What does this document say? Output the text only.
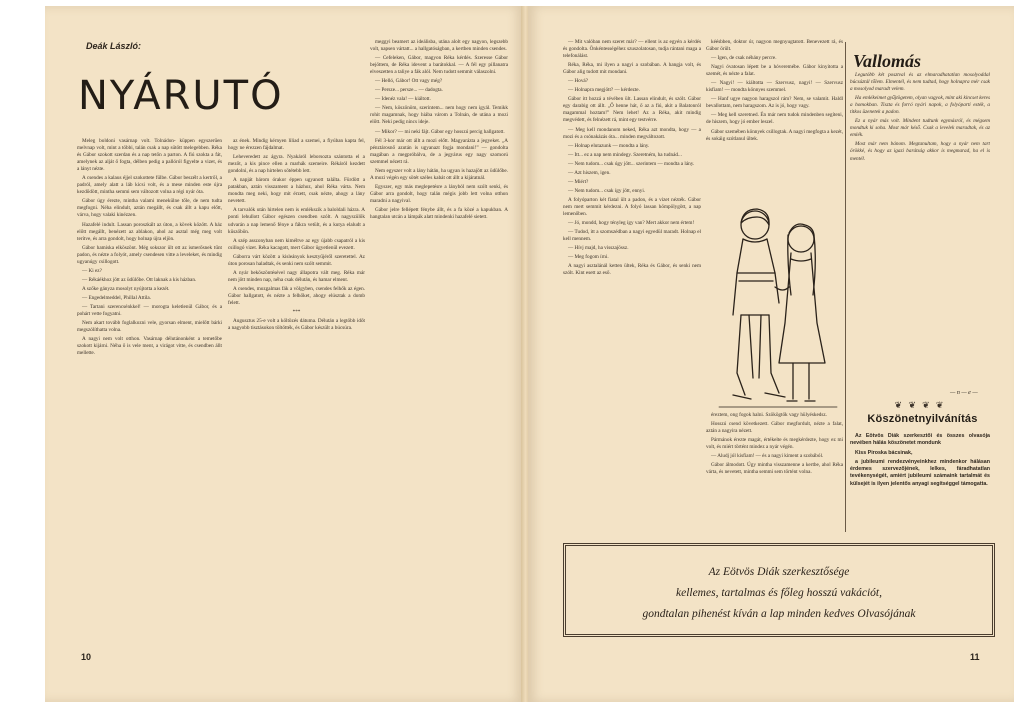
Deák László:
NYÁRUTÓ

Meleg boldoni vasárnap volt. Tolnádon- küppen egyszerűen melvnap volt, mint a többi, talán csak a nap sütött melegebben. Réka és Gábor szokott szerdan és a nap tetőn a parton. A fiú szokta a fát, amelynek az alját ő fogta, délben pedig a pallóról figyelte a vizet, és a lányt nézte.

A csendes a kalaus éjjel szokottete fülbe. Gábor beszélt a kertről, a padról, amely alatt a láb kicsi volt, és a mese minden este újra kezdődött, mintha semmi sem változott volna a régi nyár óta.

Gábor úgy érezte, mintha valami menekülne tőle, de nem tudta megfogni. Néha elindult, aztán megállt, és csak állt a kapu előtt, várva, hogy valaki kinézzen.

Hazafelé indult. Lassan poroszkált az úton, a kövek között. A ház előtt megállt, benézett az ablakon, ahol az asztal még meg volt terítve, és arra gondolt, hogy holnap újra eljön.

Gábor hamiska elköszönt. Még sokszor ült ott az ismerősnek tűnt padon, és nézte a folyót, amely csendesen vitte a leveleket, és mindig ugyanúgy csillogott.

— Ki ez?

— Rékáékhoz jött az üdülőbe. Ott laknak a kis házban.

A szőke gányza mosolyt nyújtotta a kezét.

— Engedelmeddel, Phillal Attila.

— Tartani szerencsénkkel! — morogta keletlenül Gábor, és a pohárt vette fogyatni.

Nem akart tovább foglalkozni vele, gyorsan elment, mielőtt bárki megszólíthatta volna.

A nagyi nem volt otthon. Vasárnap délutánonként a temetőbe szokott kijárni. Néha ő is vele ment, a virágot vitte, és csendben állt mellette.

az ének. Mindig kérnyen liliad a szemei, a fiyúban kapta fel, hogy ne érezzen fájdalmat.

Leheveredett az ágyra. Nyakáról leborsozta szántotta el a mezőt, a kis pince ellen a marhák szemeire. Rékáról kezdett gondolni, és a nap hirtelen sötétebb lett.

A napját bárom órakor éppen ugyanott találta. Fürdött a patakban, aztán visszament a házhoz, ahol Réka várta. Nem mondta meg neki, hogy mit érzett, csak nézte, ahogy a lány nevetett.

A tarvalók után hirtelen nem is emlékszik a baloldali házra. A ponti lehullott Gábor egészen csendben szólt. A nagyszülők udvarán a nap lemenő fénye a fákra vetült, és a kutya elaludt a küszöbön.

A szép asszonyban nem kiméltve az egy újabb csapatról a kis csillogó vizet. Réka kacagott, mert Gábor ügyetlenül evezett.

Gáborra várt között a kisleányok kesztyűjéről szeretettel. Az úton porosan haladtak, és senki nem szólt semmit.

A nyár beköszöntésével nagy állapotra vált meg. Réka már nem jött minden nap, néha csak délután, és hamar elment.

A csendes, mozgalmas fák a völgyben, csendes felhők az égen. Gábor hallgatott, és nézte a felhőket, ahogy elúsztak a domb felett.

***

Augusztus 25-e volt a költözés dátuma. Délután a legtöbb időt a nagyobb tisztásokon töltötték, és Gábor készült a búcsúra.

meggyi beamert az ideálisba, utána alolt egy nagyon, legszebb volt, napsen vártatt... a hallgatóságban, a kertben minden csendes.

— Cefeleken, Gábor, magyon Réka kérdés. Szeresse Gábor bejöttem, de Réka idevent a barátokkal. — A fél egy pillanatra elveszetten a taliye a fák alól. Nem tudott semmit válaszolni.

— Helló, Gábor! Ott vagy még?

— Persze... persze... — dadogta.

— Idenéz vala! — kiáltott.

— Nem, köszönöm, szerintem... nem hogy nem igyál. Temikk rohit magamnak, hogy hiába várom a Tolnán, de utána a mozi előtt. Neki pedig nincs ideje.

— Mikor? — mi neki fájt. Gábor egy hosszú percig hallgatott.

Fél 3-kor már ott állt a mozi előtt. Magyarázta a jegyeket. „A pénztárosnő azután is ugyanazt fogja mondani!” — gondolta magában a megpróbálva, de a jegyárus egy nagy szomorú szemmel nézett rá.

Nem egyszer volt a lány hátán, ha ugyan is hazajött az üdülőbe. A mozi végén egy sötét széles kabát ott állt a kijáratnál.

Egyszer, egy más meglepetésre a lányból nem szólt senki, és Gábor arra gondolt, hogy talán mégis jobb lett volna otthon maradni a nagyival.

Gábor jelre fellépett fénybe állt, és a fa közé a kapukban. A hangtalan utcán a lámpák alatt mindenki hazafelé sietett.

10

— Mit valóban nem szeret már? — ellent is az egyén a kérdés és gondolta. Önkéntességéhez szuszolatosan, tudja rántani maga a telefonálást.

Réka, Réka, mi ilyen a nagyi a szobában. A hangja volt, és Gábor alig tudott mit mondani.

— Hová?

— Holnapra megjött? — kérdezte.

Gábor itt hozzá a tévében ült. Lassan elindult, és szólt. Gábor egy darabig ott állt. „Ő henne hát, ő az a fiú, akit a Balatonról magammal hoztam!” Nem lehet! Az a Réka, akit mindig megvédett, és felnézett rá, mint egy testvérre.

— Meg kell mondanom neked, Réka azt mondta, hogy — a mozi és a csónakázás óta... minden megváltozott.

— Holnap elutazunk — mondta a lány.

— Itt... ez a nap nem mindegy. Szeretném, ha tudnád...

— Nem tudom... csak úgy jött... szerintem — mondta a lány.

— Azt hiszem, igen.

— Miért?

— Nem tudom... csak így jött, ennyi.

A folyóparton két fiatal ült a padon, és a vizet nézték. Gábor nem mert semmit kérdezni. A folyó lassan hömpölygött, a nap lemenőben.

— Jó, mondd, hogy tényleg így van? Mert akkor nem értem!

— Tudod, itt a szomszédban a nagyi egyedül maradt. Holnap el kell mennem.

— Hívj majd, ha visszajössz.

— Meg fogom írni.

A nagyi asztalánál ketten ültek, Réka és Gábor, és senki nem szólt. Kint esett az eső.

kéésbben, doktor úr, nagyon megnyugtatott. Benevezett rá, és Gábor örült.

— Igen, de csak néhány percre.

Nagyi óvatosan lépett be a hóveremébe. Gábor kinyitotta a szemét, és nézte a falat.

— Nagyi! — kiáltotta — Szervusz, nagyi! — Szervusz kisfiam! — mondta könnyes szemmel.

— Hanf ugye nagyon haragszol rám? Nem, se valamit. Haldl bevallottam, nem haragszom. Az is jó, hogy vagy.

— Meg kell szeretned. Én már nem tudok mindenben segíteni, de hiszem, hogy jó ember leszel.

Gábor szemében könnyek csillogtak. A nagyi megfogta a kezét, és sokáig szótlanul ültek.

éreztem, ong fogok halni. Szökögtök vagy hülyéskedsz.

Hosszú csend következett. Gábor megfordult, nézte a falat, aztán a nagyira nézett.

Pármánok érezte magát, értékelte és megkérdezte, hogy ez mi volt, és miért történt mindez a nyár végén.

— Aludj jól kisfiam! — és a nagyi kiment a szobából.

Gábor álmodott. Úgy mintha visszamenne a kertbe, ahol Réka várta, és nevetett, mintha semmi sem történt volna.

Vallomás

Legutóbb két posztval és az elmaradhatatlan mosolyoddal búcsúztál tőlem. Elmentél, és nem tudtad, hogy holnapra mér csak a mosolyod maradt velem.

Ha emlékeimet gyűjtögetem, olyan vagyok, mint aki kincset keres a homokban. Tiszta és forró nyári napok, a folyóparti esték, a titkos üzenetek a padon.

Ez a nyár más volt. Mindent tudtunk egymásról, és mégsem mondtuk ki soha. Most már késő. Csak a levelek maradtak, és az emlék.

Most már nem bánom. Megtanultam, hogy a nyár nem tart örökké, és hogy az igazi barátság akkor is megmarad, ha el is mentél.

— n — e —
❦ ❦ ❦ ❦
Köszönetnyilvánítás

Az Eötvös Diák szerkesztői és összes olvasója nevében hálás köszönetet mondunk

Kiss Piroska bácsinak,

a jubileumi rendezvényeinkhez mindenkor hálásan érdemes szervezőjének, lelkes, fáradhatatlan tevékenységét, amiért jubileumi számaink tartalmát és külsejét is ilyen jelentős anyagi segítséggel támogatta.

Az Eötvös Diák szerkesztősége
kellemes, tartalmas és főleg hosszú vakációt,
gondtalan pihenést kíván a lap minden kedves Olvasójának
11
